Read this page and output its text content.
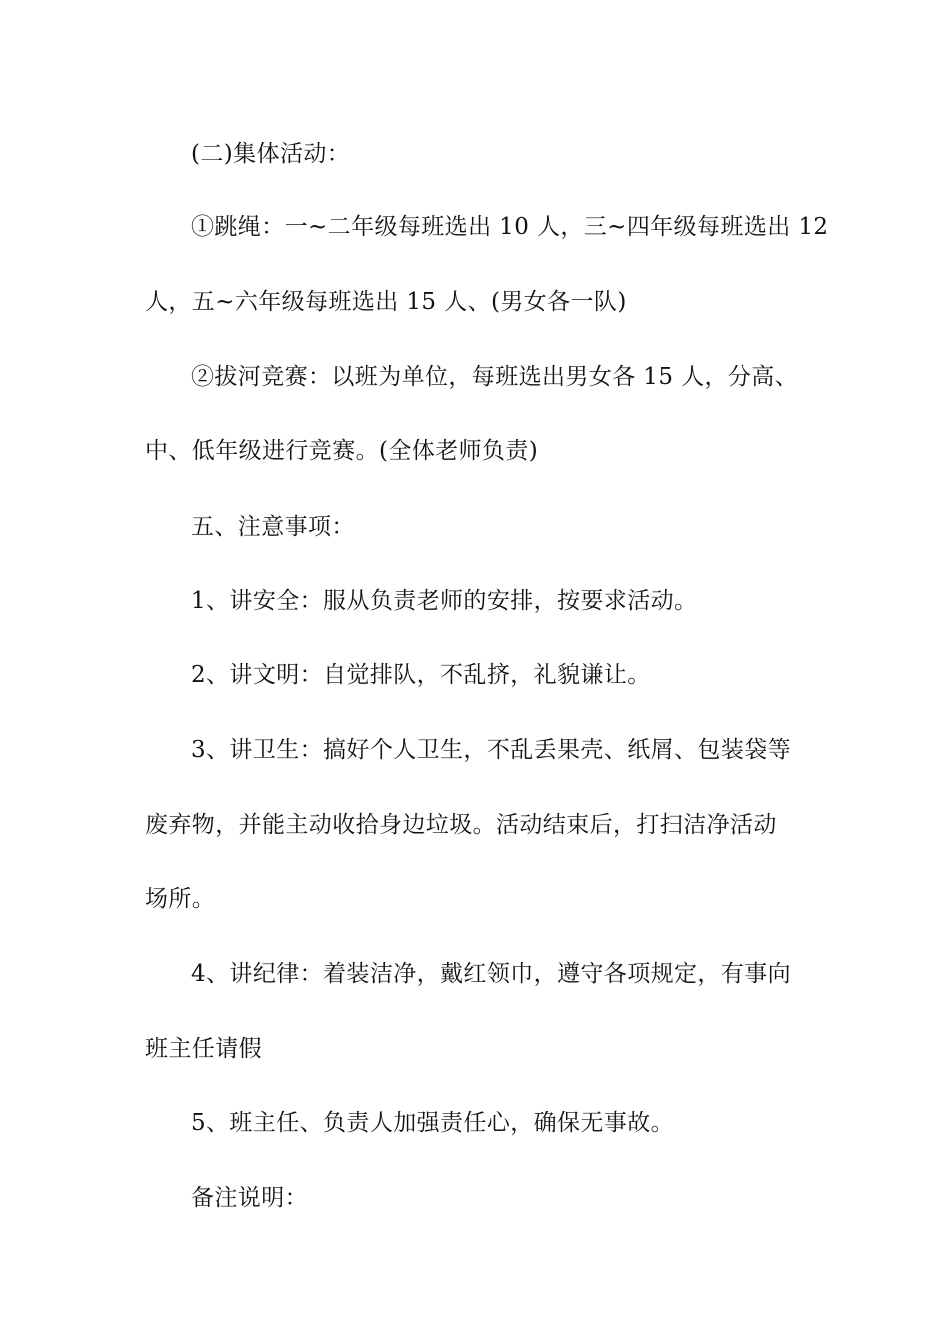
(二)集体活动：
①跳绳：一~二年级每班选出 10 人，三~四年级每班选出 12
人，五~六年级每班选出 15 人、(男女各一队)
②拔河竞赛：以班为单位，每班选出男女各 15 人，分高、
中、低年级进行竞赛。(全体老师负责)
五、注意事项：
1、讲安全：服从负责老师的安排，按要求活动。
2、讲文明：自觉排队，不乱挤，礼貌谦让。
3、讲卫生：搞好个人卫生，不乱丢果壳、纸屑、包装袋等
废弃物，并能主动收拾身边垃圾。活动结束后，打扫洁净活动
场所。
4、讲纪律：着装洁净，戴红领巾，遵守各项规定，有事向
班主任请假
5、班主任、负责人加强责任心，确保无事故。
备注说明：
